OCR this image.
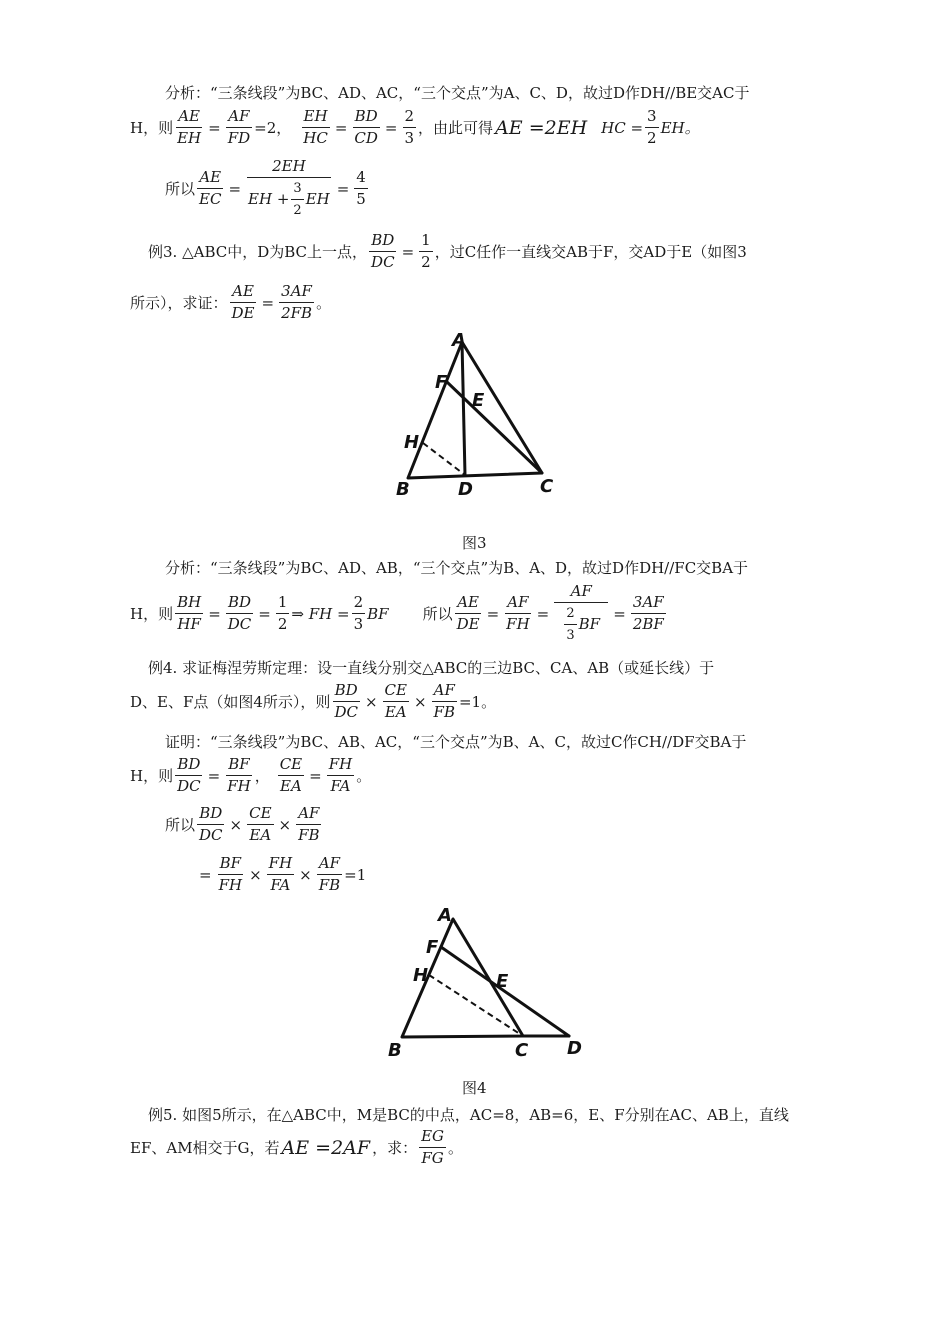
分析：“三条线段”为BC、AD、AC，“三个交点”为A、C、D，故过D作DH//BE交AC于
H，则 $\frac{AE}{EH} = \frac{AF}{FD} =2$， $\frac{EH}{HC} = \frac{BD}{CD} = \frac{2}{3}$ ，由此可得 AE =2EH HC = $\frac{3}{2}$ EH。
所以 $\frac{AE}{EC} = \frac{2EH}{EH + \frac{3}{2} EH} = \frac{4}{5}$
例3. △ABC中，D为BC上一点， $\frac{BD}{DC} = \frac{1}{2}$ ，过C任作一直线交AB于F，交AD于E（如图3
所示），求证： $\frac{AE}{DE} = \frac{3AF}{2FB}$ 。
A
F
E
H
B	D	C
图3
分析：“三条线段”为BC、AD、AB，“三个交点”为B、A、D，故过D作DH//FC交BA于
H，则 $\frac{BH}{HF} = \frac{BD}{DC} = \frac{1}{2}$ ⇒ FH = $\frac{2}{3}$ BF 所以 $\frac{AE}{DE} = \frac{AF}{FH} = \frac{AF}{\frac{2}{3} BF} = \frac{3AF}{2BF}$
例4. 求证梅涅劳斯定理：设一直线分别交△ABC的三边BC、CA、AB（或延长线）于
D、E、F点（如图4所示），则 $\frac{BD}{DC} \times \frac{CE}{EA} \times \frac{AF}{FB} =1$。
证明：“三条线段”为BC、AB、AC，“三个交点”为B、A、C，故过C作CH//DF交BA于
H，则 $\frac{BD}{DC} = \frac{BF}{FH}$ ， $\frac{CE}{EA} = \frac{FH}{FA}$ 。
所以 $\frac{BD}{DC} \times \frac{CE}{EA} \times \frac{AF}{FB}$
= $\frac{BF}{FH} \times \frac{FH}{FA} \times \frac{AF}{FB} =1$
A
F
H	E
B	C D
图4
例5. 如图5所示，在△ABC中，M是BC的中点，AC=8，AB=6，E、F分别在AC、AB上，直线
EF、AM相交于G，若 AE =2AF ，求： $\frac{EG}{FG}$ 。
